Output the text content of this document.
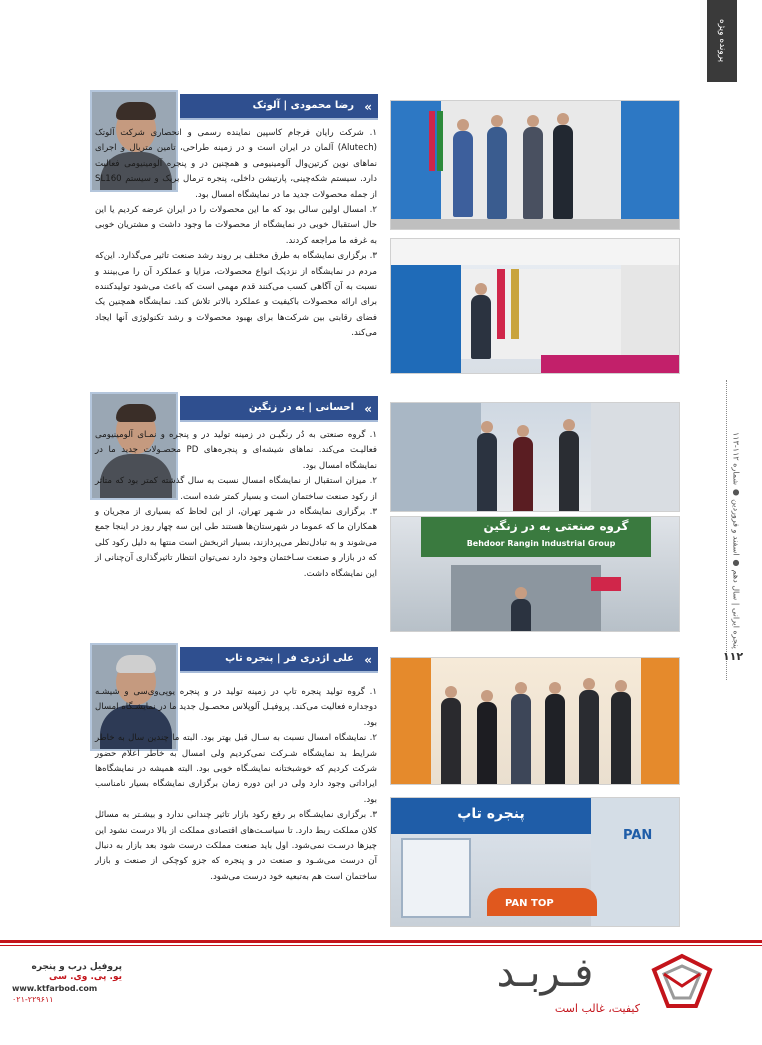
پرونده ویژه
پنجره ایرانی | سال دهم ● اسفند و فروردین ● شماره ۱۱۲-۱۱۳
۱۱۲
رضا محمودی | آلوتک »

۱. شرکت رایان فرجام کاسپین نماینده رسمی و انحصاری شرکت آلوتک (Alutech) آلمان در ایران است و در زمینه طراحی، تامین متریال و اجرای نماهای نوین کرتین‌وال آلومینیومی و همچنین در و پنجره آلومینیومی فعالیت دارد. سیستم شکه‌چینی، پارتیشن داخلی، پنجره ترمال بریک و سیستم SL160 از جمله محصولات جدید ما در نمایشگاه امسال بود.

۲. امسال اولین سالی بود که ما این محصولات را در ایران عرضه کردیم یا این حال استقبال خوبی در نمایشگاه از محصولات ما وجود داشت و مشتریان خوبی به غرفه ما مراجعه کردند.

۳. برگزاری نمایشگاه به طرق مختلف بر روند رشد صنعت تاثیر می‌گذارد. این‌که مردم در نمایشگاه از نزدیک انواع محصولات، مزایا و عملکرد آن را می‌بینند و نسبت به آن آگاهی کسب می‌کنند قدم مهمی است که باعث می‌شود تولیدکننده برای ارائه محصولات باکیفیت و عملکرد بالاتر تلاش کند. نمایشگاه همچنین یک فضای رقابتی بین شرکت‌ها برای بهبود محصولات و رشد تکنولوژی آنها ایجاد می‌کند.

احسانی | به در زنگین »

۱. گروه صنعتی به دُر رنگیـن در زمینه تولید در و پنجره و نمـای آلومینیومی فعالیـت می‌کند. نماهای شیشه‌ای و پنجره‌های PD محصـولات جدید ما در نمایشگاه امسال بود.

۲. میزان استقبال از نمایشگاه امسال نسبت به سال گذشته کمتر بود که متاثر از رکود صنعت ساختمان است و بسیار کمتر شده است.

۳. برگزاری نمایشگاه در شـهر تهران، از این لحاظ که بسیاری از مجریان و همکاران ما که عموما در شهرستان‌ها هستند طی این سه چهار روز در اینجا جمع می‌شوند و به تبادل‌نظر می‌پردازند، بسیار اثربخش است منتها به دلیل رکود کلی که در بازار و صنعت سـاختمان وجود دارد نمی‌توان انتظار تاثیرگذاری آن‌چنانی از این نمایشگاه داشت.

گروه صنعتی به در زنگین
Behdoor Rangin Industrial Group
علی اژدری فر | پنجره تاپ »

۱. گروه تولید پنجره تاپ در زمینه تولید در و پنجره یوپی‌وی‌سی و شیشـه دوجداره فعالیت می‌کند. پروفیـل آلوپلاس محصـول جدید ما در نمایشـگاه امسال بود.

۲. نمایشگاه امسال نسبت به سـال قبل بهتر بود. البته ما چندین سال به خاطر شرایط بد نمایشگاه شـرکت نمی‌کردیم ولی امسال به خاطر اعلام حضور شرکت کردیم که خوشبختانه نمایشـگاه خوبی بود. البته همیشه در نمایشگاه‌ها ایراداتی وجود دارد ولی در این دوره زمان برگزاری نمایشگاه بسیار نامناسب بود.

۳. برگزاری نمایشـگاه بر رفع رکود بازار تاثیر چندانی ندارد و بیشـتر به مسائل کلان مملکت ربط دارد. تا سیاسـت‌های اقتصادی مملکت از بالا درست نشود این چیزها درسـت نمی‌شود. اول باید صنعت مملکت درست شود بعد بازار به دنبال آن درست می‌شـود و صنعت در و پنجره که جزو کوچکی از صنعت و بازار ساختمان است هم به‌تبعیه خود درست می‌شود.

پنجره تاپ
PAN
PAN TOP
پروفیل درب و پنجره
یو. پی. وی. سی
www.ktfarbod.com
۰۲۱-۲۲۹۶۱۱
فـربـد
کیفیت، غالب است
